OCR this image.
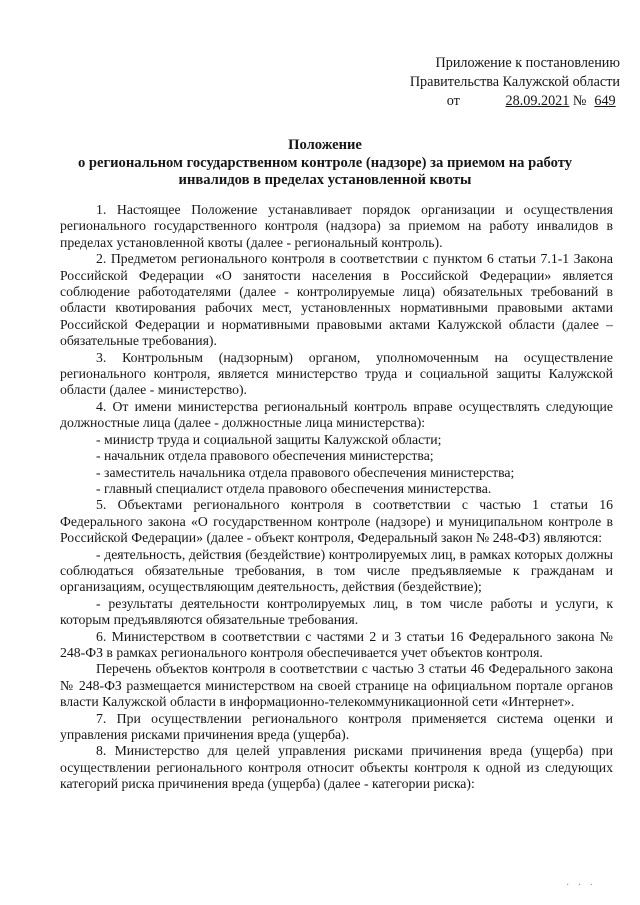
Приложение к постановлению
Правительства Калужской области
от	28.09.2021 № 649
Положение
о региональном государственном контроле (надзоре) за приемом на работу
инвалидов в пределах установленной квоты

1. Настоящее Положение устанавливает порядок организации и осуществления регионального государственного контроля (надзора) за приемом на работу инвалидов в пределах установленной квоты (далее - региональный контроль).

2. Предметом регионального контроля в соответствии с пунктом 6 статьи 7.1-1 Закона Российской Федерации «О занятости населения в Российской Федерации» является соблюдение работодателями (далее - контролируемые лица) обязательных требований в области квотирования рабочих мест, установленных нормативными правовыми актами Российской Федерации и нормативными правовыми актами Калужской области (далее – обязательные требования).

3. Контрольным (надзорным) органом, уполномоченным на осуществление регионального контроля, является министерство труда и социальной защиты Калужской области (далее - министерство).

4. От имени министерства региональный контроль вправе осуществлять следующие должностные лица (далее - должностные лица министерства):

- министр труда и социальной защиты Калужской области;

- начальник отдела правового обеспечения министерства;

- заместитель начальника отдела правового обеспечения министерства;

- главный специалист отдела правового обеспечения министерства.

5. Объектами регионального контроля в соответствии с частью 1 статьи 16 Федерального закона «О государственном контроле (надзоре) и муниципальном контроле в Российской Федерации» (далее - объект контроля, Федеральный закон № 248-ФЗ) являются:

- деятельность, действия (бездействие) контролируемых лиц, в рамках которых должны соблюдаться обязательные требования, в том числе предъявляемые к гражданам и организациям, осуществляющим деятельность, действия (бездействие);

- результаты деятельности контролируемых лиц, в том числе работы и услуги, к которым предъявляются обязательные требования.

6. Министерством в соответствии с частями 2 и 3 статьи 16 Федерального закона № 248-ФЗ в рамках регионального контроля обеспечивается учет объектов контроля.

Перечень объектов контроля в соответствии с частью 3 статьи 46 Федерального закона № 248-ФЗ размещается министерством на своей странице на официальном портале органов власти Калужской области в информационно-телекоммуникационной сети «Интернет».

7. При осуществлении регионального контроля применяется система оценки и управления рисками причинения вреда (ущерба).

8. Министерство для целей управления рисками причинения вреда (ущерба) при осуществлении регионального контроля относит объекты контроля к одной из следующих категорий риска причинения вреда (ущерба) (далее - категории риска):

· · ·
